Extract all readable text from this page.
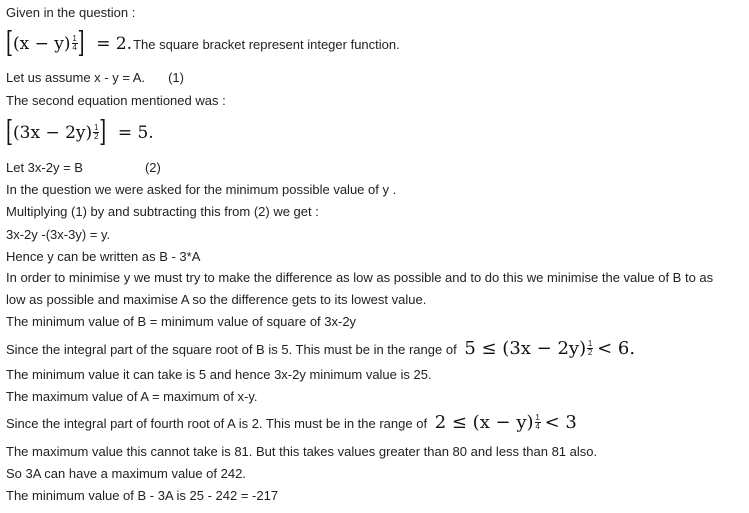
Given in the question :
[(x − y) $^{\frac{1}{4}}$ ] = 2.The square bracket represent integer function.
Let us assume x - y = A. (1)
The second equation mentioned was :
[(3x − 2y) $^{\frac{1}{2}}$ ] = 5.
Let 3x-2y = B	(2)
In the question we were asked for the minimum possible value of y .
Multiplying (1) by and subtracting this from (2) we get :
3x-2y -(3x-3y) = y.
Hence y can be written as B - 3*A
In order to minimise y we must try to make the difference as low as possible and to do this we minimise the value of B to as
low as possible and maximise A so the difference gets to its lowest value.
The minimum value of B = minimum value of square of 3x-2y
Since the integral part of the square root of B is 5. This must be in the range of 5 ≤ (3x − 2y) $^{\frac{1}{2}}$ < 6.
The minimum value it can take is 5 and hence 3x-2y minimum value is 25.
The maximum value of A = maximum of x-y.
Since the integral part of fourth root of A is 2. This must be in the range of 2 ≤ (x − y) $^{\frac{1}{4}}$ < 3
The maximum value this cannot take is 81. But this takes values greater than 80 and less than 81 also.
So 3A can have a maximum value of 242.
The minimum value of B - 3A is 25 - 242 = -217
